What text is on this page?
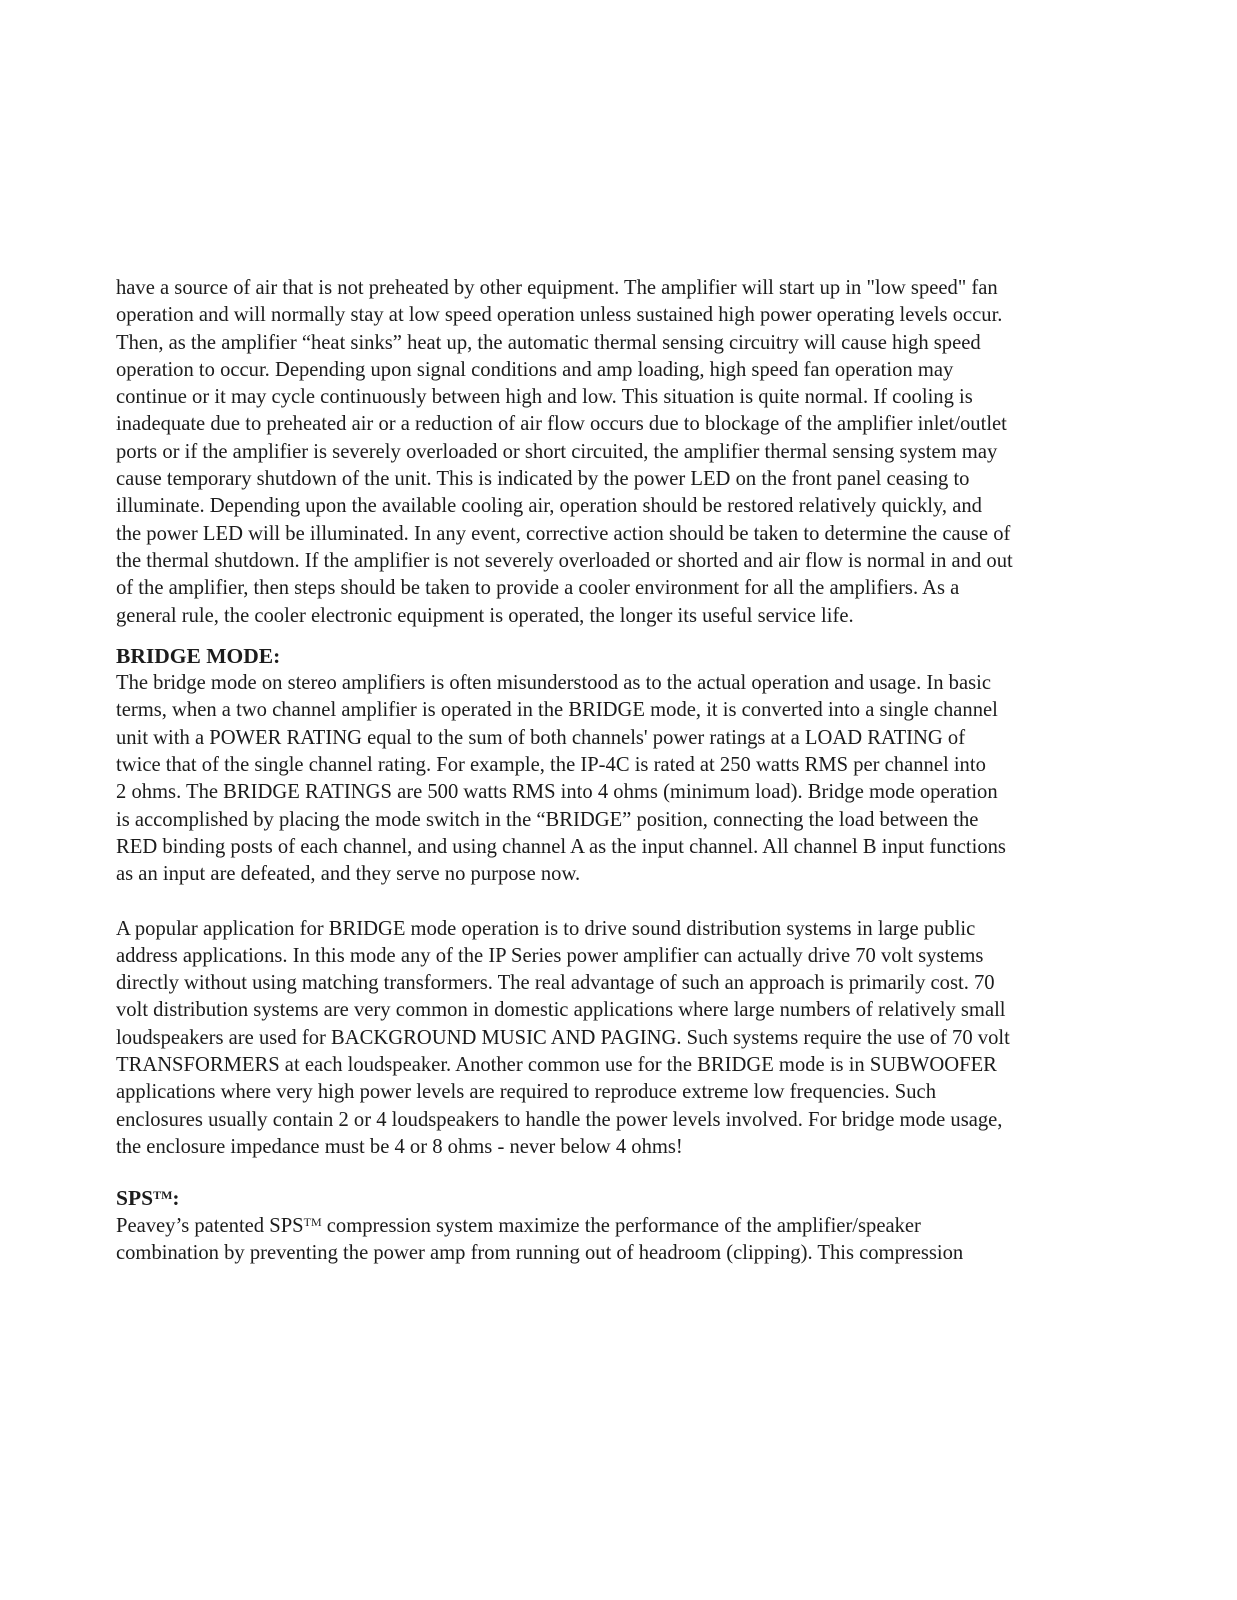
have a source of air that is not preheated by other equipment. The amplifier will start up in "low speed" fan
operation and will normally stay at low speed operation unless sustained high power operating levels occur.
Then, as the amplifier “heat sinks” heat up, the automatic thermal sensing circuitry will cause high speed
operation to occur. Depending upon signal conditions and amp loading, high speed fan operation may
continue or it may cycle continuously between high and low. This situation is quite normal. If cooling is
inadequate due to preheated air or a reduction of air flow occurs due to blockage of the amplifier inlet/outlet
ports or if the amplifier is severely overloaded or short circuited, the amplifier thermal sensing system may
cause temporary shutdown of the unit. This is indicated by the power LED on the front panel ceasing to
illuminate. Depending upon the available cooling air, operation should be restored relatively quickly, and
the power LED will be illuminated. In any event, corrective action should be taken to determine the cause of
the thermal shutdown. If the amplifier is not severely overloaded or shorted and air flow is normal in and out
of the amplifier, then steps should be taken to provide a cooler environment for all the amplifiers. As a
general rule, the cooler electronic equipment is operated, the longer its useful service life.

BRIDGE MODE:

The bridge mode on stereo amplifiers is often misunderstood as to the actual operation and usage. In basic
terms, when a two channel amplifier is operated in the BRIDGE mode, it is converted into a single channel
unit with a POWER RATING equal to the sum of both channels' power ratings at a LOAD RATING of
twice that of the single channel rating. For example, the IP-4C is rated at 250 watts RMS per channel into
2 ohms. The BRIDGE RATINGS are 500 watts RMS into 4 ohms (minimum load). Bridge mode operation
is accomplished by placing the mode switch in the “BRIDGE” position, connecting the load between the
RED binding posts of each channel, and using channel A as the input channel. All channel B input functions
as an input are defeated, and they serve no purpose now.

A popular application for BRIDGE mode operation is to drive sound distribution systems in large public
address applications. In this mode any of the IP Series power amplifier can actually drive 70 volt systems
directly without using matching transformers. The real advantage of such an approach is primarily cost. 70
volt distribution systems are very common in domestic applications where large numbers of relatively small
loudspeakers are used for BACKGROUND MUSIC AND PAGING. Such systems require the use of 70 volt
TRANSFORMERS at each loudspeaker. Another common use for the BRIDGE mode is in SUBWOOFER
applications where very high power levels are required to reproduce extreme low frequencies. Such
enclosures usually contain 2 or 4 loudspeakers to handle the power levels involved. For bridge mode usage,
the enclosure impedance must be 4 or 8 ohms - never below 4 ohms!

SPS™:

Peavey’s patented SPS™ compression system maximize the performance of the amplifier/speaker
combination by preventing the power amp from running out of headroom (clipping). This compression
